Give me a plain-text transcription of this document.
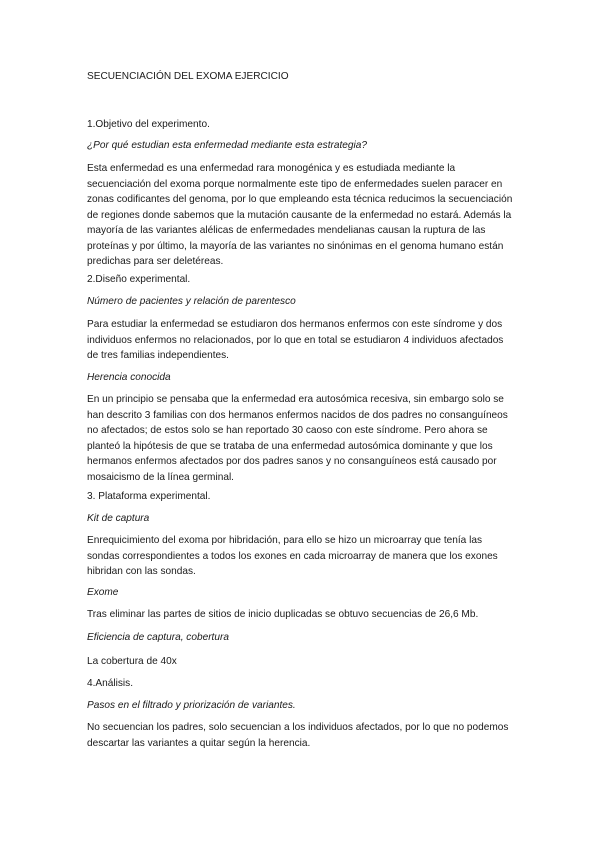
SECUENCIACIÓN DEL EXOMA EJERCICIO

1.Objetivo del experimento.

¿Por qué estudian esta enfermedad mediante esta estrategia?

Esta enfermedad es una enfermedad rara monogénica y es estudiada mediante la secuenciación del exoma porque normalmente este tipo de enfermedades suelen paracer en zonas codificantes del genoma, por lo que empleando esta técnica reducimos la secuenciación de regiones donde sabemos que la mutación causante de la enfermedad no estará. Además la mayoría de las variantes alélicas de enfermedades mendelianas causan la ruptura de las proteínas y por último, la mayoría de las variantes no sinónimas en el genoma humano están predichas para ser deletéreas.

2.Diseño experimental.

Número de pacientes y relación de parentesco

Para estudiar la enfermedad se estudiaron dos hermanos enfermos con este síndrome y dos individuos enfermos no relacionados, por lo que en total se estudiaron 4 individuos afectados de tres familias independientes.

Herencia conocida

En un principio se pensaba que la enfermedad era autosómica recesiva, sin embargo solo se han descrito 3 familias con dos hermanos enfermos nacidos de dos padres no consanguíneos no afectados; de estos solo se han reportado 30 caoso con este síndrome. Pero ahora se planteó la hipótesis de que se trataba de una enfermedad autosómica dominante y que los hermanos enfermos afectados por dos padres sanos y no consanguíneos está causado por mosaicismo de la línea germinal.

3. Plataforma experimental.

Kit de captura

Enrequicimiento del exoma por hibridación, para ello se hizo un microarray que tenía las sondas correspondientes a todos los exones en cada microarray de manera que los exones hibridan con las sondas.

Exome

Tras eliminar las partes de sitios de inicio duplicadas se obtuvo secuencias de 26,6 Mb.

Eficiencia de captura, cobertura

La cobertura de 40x

4.Análisis.

Pasos en el filtrado y priorización de variantes.

No secuencian los padres, solo secuencian a los individuos afectados, por lo que no podemos descartar las variantes a quitar según la herencia.
